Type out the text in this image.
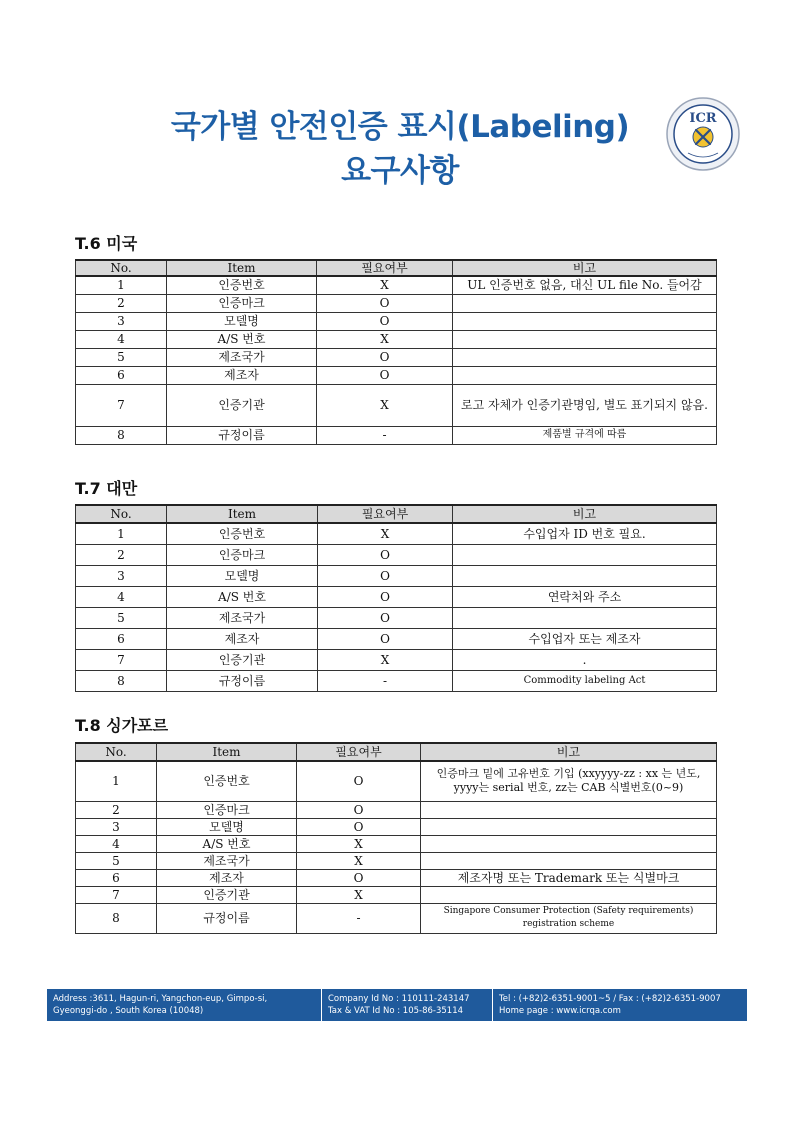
국가별 안전인증 표시(Labeling)
요구사항
ICR
T.6 미국
No.	Item	필요여부	비고
1	인증번호	X	UL 인증번호 없음, 대신 UL file No. 들어감
2	인증마크	O	
3	모델명	O	
4	A/S 번호	X	
5	제조국가	O	
6	제조자	O	
7	인증기관	X	로고 자체가 인증기관명임, 별도 표기되지 않음.
8	규정이름	-	제품별 규격에 따름
T.7 대만
No.	Item	필요여부	비고
1	인증번호	X	수입업자 ID 번호 필요.
2	인증마크	O	
3	모델명	O	
4	A/S 번호	O	연락처와 주소
5	제조국가	O	
6	제조자	O	수입업자 또는 제조자
7	인증기관	X	.
8	규정이름	-	Commodity labeling Act
T.8 싱가포르
No.	Item	필요여부	비고
1	인증번호	O	인증마크 밑에 고유번호 기입 (xxyyyy-zz : xx 는 년도, yyyy는 serial 번호, zz는 CAB 식별번호(0~9)
2	인증마크	O	
3	모델명	O	
4	A/S 번호	X	
5	제조국가	X	
6	제조자	O	제조자명 또는 Trademark 또는 식별마크
7	인증기관	X	
8	규정이름	-	Singapore Consumer Protection (Safety requirements) registration scheme
Address :3611, Hagun-ri, Yangchon-eup, Gimpo-si,
Gyeonggi-do , South Korea (10048)
Company Id No : 110111-243147
Tax & VAT Id No : 105-86-35114
Tel : (+82)2-6351-9001~5 / Fax : (+82)2-6351-9007
Home page : www.icrqa.com
